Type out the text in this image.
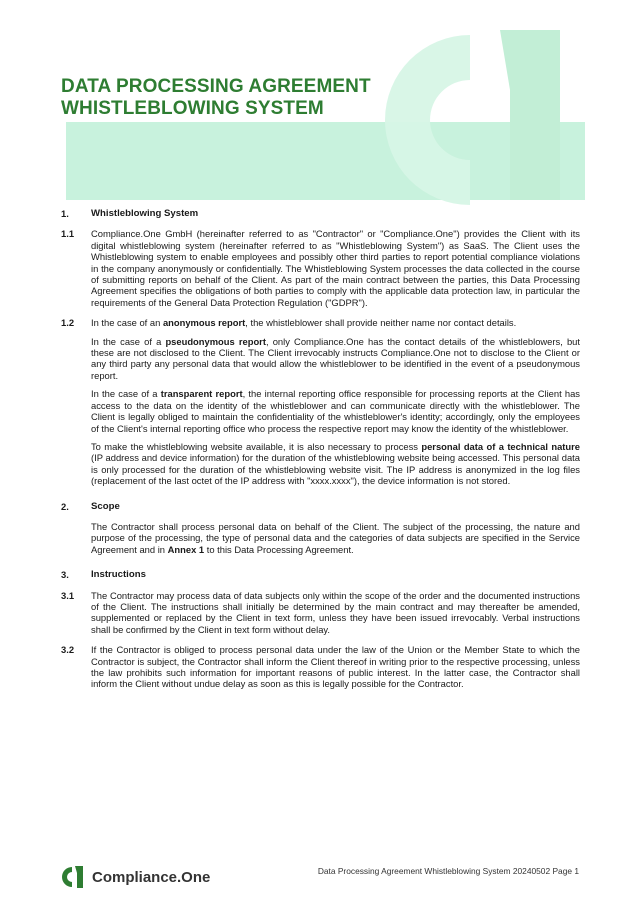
DATA PROCESSING AGREEMENT
WHISTLEBLOWING SYSTEM
1.	Whistleblowing System
1.1	Compliance.One GmbH (hereinafter referred to as "Contractor" or "Compliance.One") provides the Client with its digital whistleblowing system (hereinafter referred to as "Whistleblowing System") as SaaS. The Client uses the Whistleblowing system to enable employees and possibly other third parties to report potential compliance violations in the company anonymously or confidentially. The Whistleblowing System processes the data collected in the course of submitting reports on behalf of the Client. As part of the main contract between the parties, this Data Processing Agreement specifies the obligations of both parties to comply with the applicable data protection law, in particular the requirements of the General Data Protection Regulation ("GDPR").

1.2	In the case of an anonymous report, the whistleblower shall provide neither name nor contact details.

In the case of a pseudonymous report, only Compliance.One has the contact details of the whistleblowers, but these are not disclosed to the Client. The Client irrevocably instructs Compliance.One not to disclose to the Client or any third party any personal data that would allow the whistleblower to be identified in the event of a pseudonymous report.

In the case of a transparent report, the internal reporting office responsible for processing reports at the Client has access to the data on the identity of the whistleblower and can communicate directly with the whistleblower. The Client is legally obliged to maintain the confidentiality of the whistleblower's identity; accordingly, only the employees of the Client's internal reporting office who process the respective report may know the identity of the whistleblower.

To make the whistleblowing website available, it is also necessary to process personal data of a technical nature (IP address and device information) for the duration of the whistleblowing website being accessed. This personal data is only processed for the duration of the whistleblowing website visit. The IP address is anonymized in the log files (replacement of the last octet of the IP address with "xxxx.xxxx"), the device information is not stored.

2.	Scope

The Contractor shall process personal data on behalf of the Client. The subject of the processing, the nature and purpose of the processing, the type of personal data and the categories of data subjects are specified in the Service Agreement and in Annex 1 to this Data Processing Agreement.

3.	Instructions
3.1	The Contractor may process data of data subjects only within the scope of the order and the documented instructions of the Client. The instructions shall initially be determined by the main contract and may thereafter be amended, supplemented or replaced by the Client in text form, unless they have been issued irrevocably. Verbal instructions shall be confirmed by the Client in text form without delay.

3.2	If the Contractor is obliged to process personal data under the law of the Union or the Member State to which the Contractor is subject, the Contractor shall inform the Client thereof in writing prior to the respective processing, unless the law prohibits such information for important reasons of public interest. In the latter case, the Contractor shall inform the Client without undue delay as soon as this is legally possible for the Contractor.

Compliance.One	Data Processing Agreement Whistleblowing System 20240502 Page 1
